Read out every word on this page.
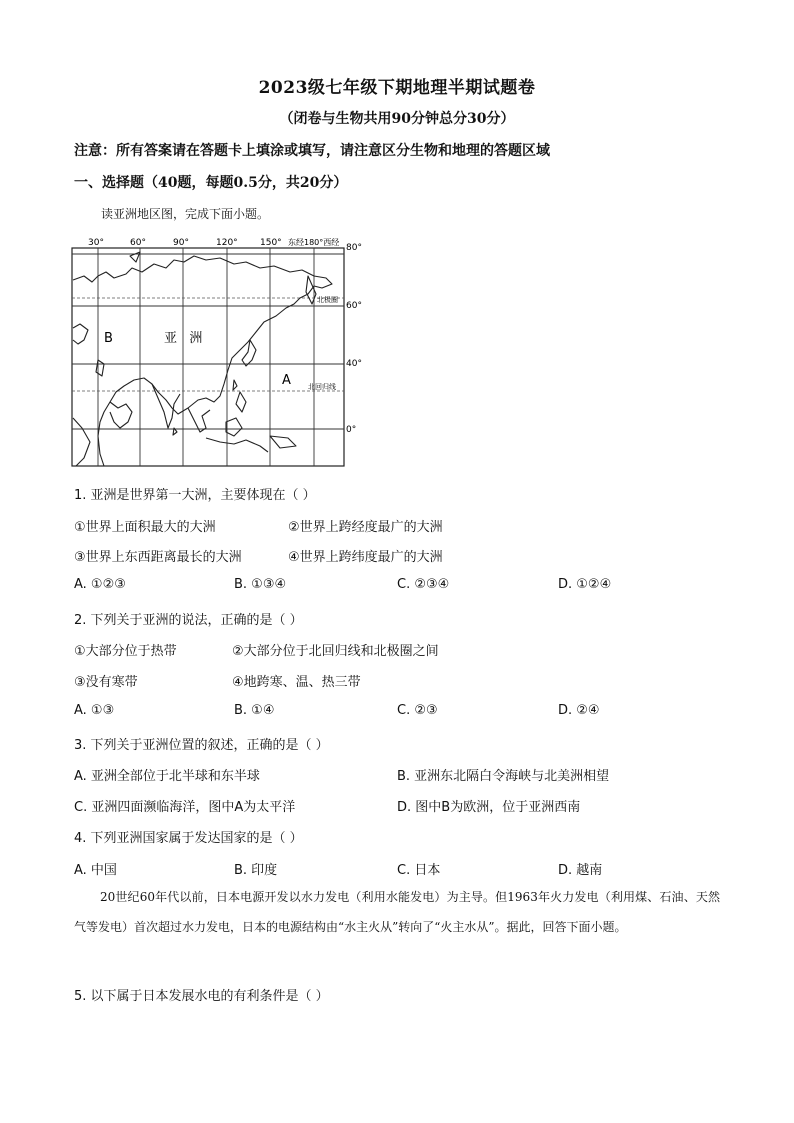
2023级七年级下期地理半期试题卷
（闭卷与生物共用90分钟总分30分）
注意：所有答案请在答题卡上填涂或填写，请注意区分生物和地理的答题区域
一、选择题（40题，每题0.5分，共20分）
读亚洲地区图，完成下面小题。
30°	60°	90°	120° 150° 东经180°西经
80°
60°
40°
0°
北极圈
北回归线
B	亚   洲
A
1. 亚洲是世界第一大洲，主要体现在（ ）
①世界上面积最大的大洲	②世界上跨经度最广的大洲
③世界上东西距离最长的大洲	④世界上跨纬度最广的大洲
A. ①②③	B. ①③④	C. ②③④	D. ①②④
2. 下列关于亚洲的说法，正确的是（ ）
①大部分位于热带	②大部分位于北回归线和北极圈之间
③没有寒带	④地跨寒、温、热三带
A. ①③	B. ①④	C. ②③	D. ②④
3. 下列关于亚洲位置的叙述，正确的是（ ）
A. 亚洲全部位于北半球和东半球	B. 亚洲东北隔白令海峡与北美洲相望
C. 亚洲四面濒临海洋，图中A为太平洋	D. 图中B为欧洲，位于亚洲西南
4. 下列亚洲国家属于发达国家的是（ ）
A. 中国	B. 印度	C. 日本	D. 越南
20世纪60年代以前，日本电源开发以水力发电（利用水能发电）为主导。但1963年火力发电（利用煤、石油、天然气等发电）首次超过水力发电，日本的电源结构由“水主火从”转向了“火主水从”。据此，回答下面小题。
5. 以下属于日本发展水电的有利条件是（ ）
